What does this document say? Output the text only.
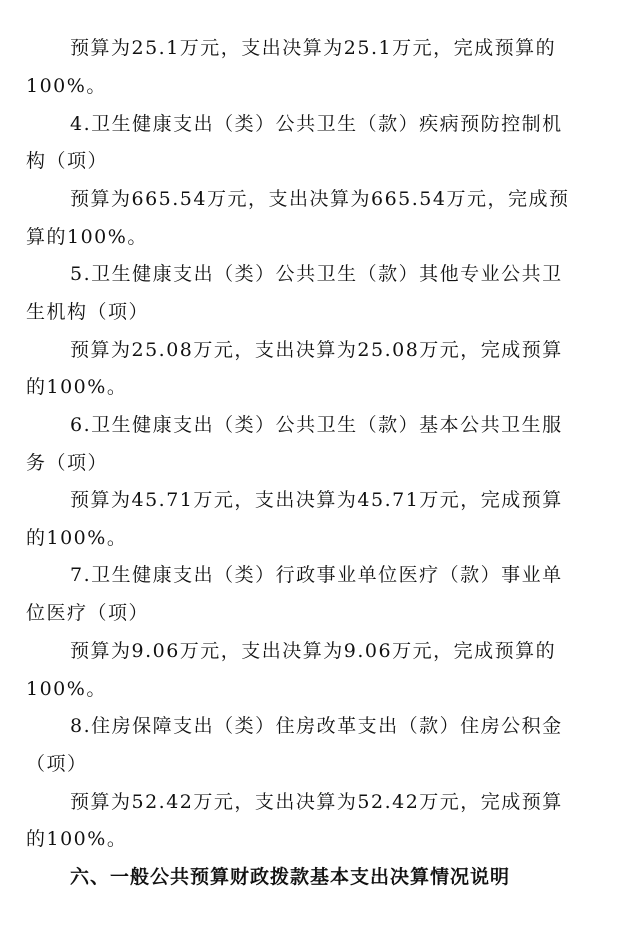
预算为25.1万元，支出决算为25.1万元，完成预算的
100%。
4.卫生健康支出（类）公共卫生（款）疾病预防控制机
构（项）
预算为665.54万元，支出决算为665.54万元，完成预
算的100%。
5.卫生健康支出（类）公共卫生（款）其他专业公共卫
生机构（项）
预算为25.08万元，支出决算为25.08万元，完成预算
的100%。
6.卫生健康支出（类）公共卫生（款）基本公共卫生服
务（项）
预算为45.71万元，支出决算为45.71万元，完成预算
的100%。
7.卫生健康支出（类）行政事业单位医疗（款）事业单
位医疗（项）
预算为9.06万元，支出决算为9.06万元，完成预算的
100%。
8.住房保障支出（类）住房改革支出（款）住房公积金
（项）
预算为52.42万元，支出决算为52.42万元，完成预算
的100%。
六、一般公共预算财政拨款基本支出决算情况说明
